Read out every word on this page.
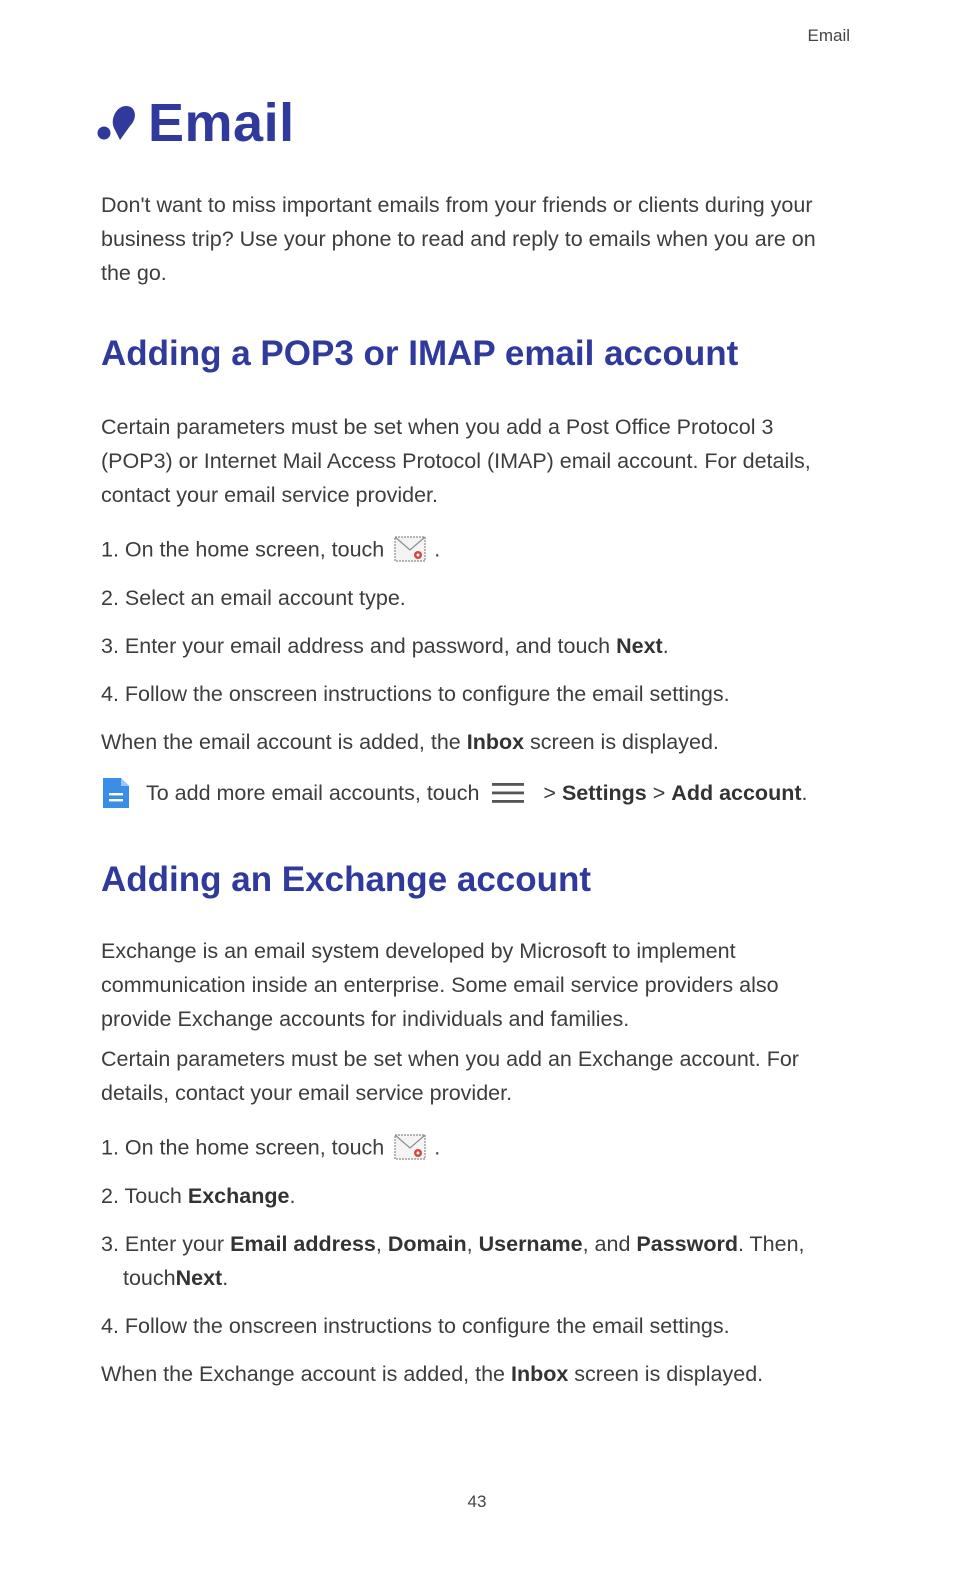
Email
Email
Don't want to miss important emails from your friends or clients during your business trip? Use your phone to read and reply to emails when you are on the go.
Adding a POP3 or IMAP email account
Certain parameters must be set when you add a Post Office Protocol 3 (POP3) or Internet Mail Access Protocol (IMAP) email account. For details, contact your email service provider.
1. On the home screen, touch .
2. Select an email account type.
3. Enter your email address and password, and touch Next.
4. Follow the onscreen instructions to configure the email settings.
When the email account is added, the Inbox screen is displayed.
To add more email accounts, touch	> Settings > Add account .
Adding an Exchange account
Exchange is an email system developed by Microsoft to implement communication inside an enterprise. Some email service providers also provide Exchange accounts for individuals and families.
Certain parameters must be set when you add an Exchange account. For details, contact your email service provider.
1. On the home screen, touch .
2. Touch Exchange.
3. Enter your Email address, Domain, Username, and Password. Then,
touchNext.
4. Follow the onscreen instructions to configure the email settings.
When the Exchange account is added, the Inbox screen is displayed.
43
